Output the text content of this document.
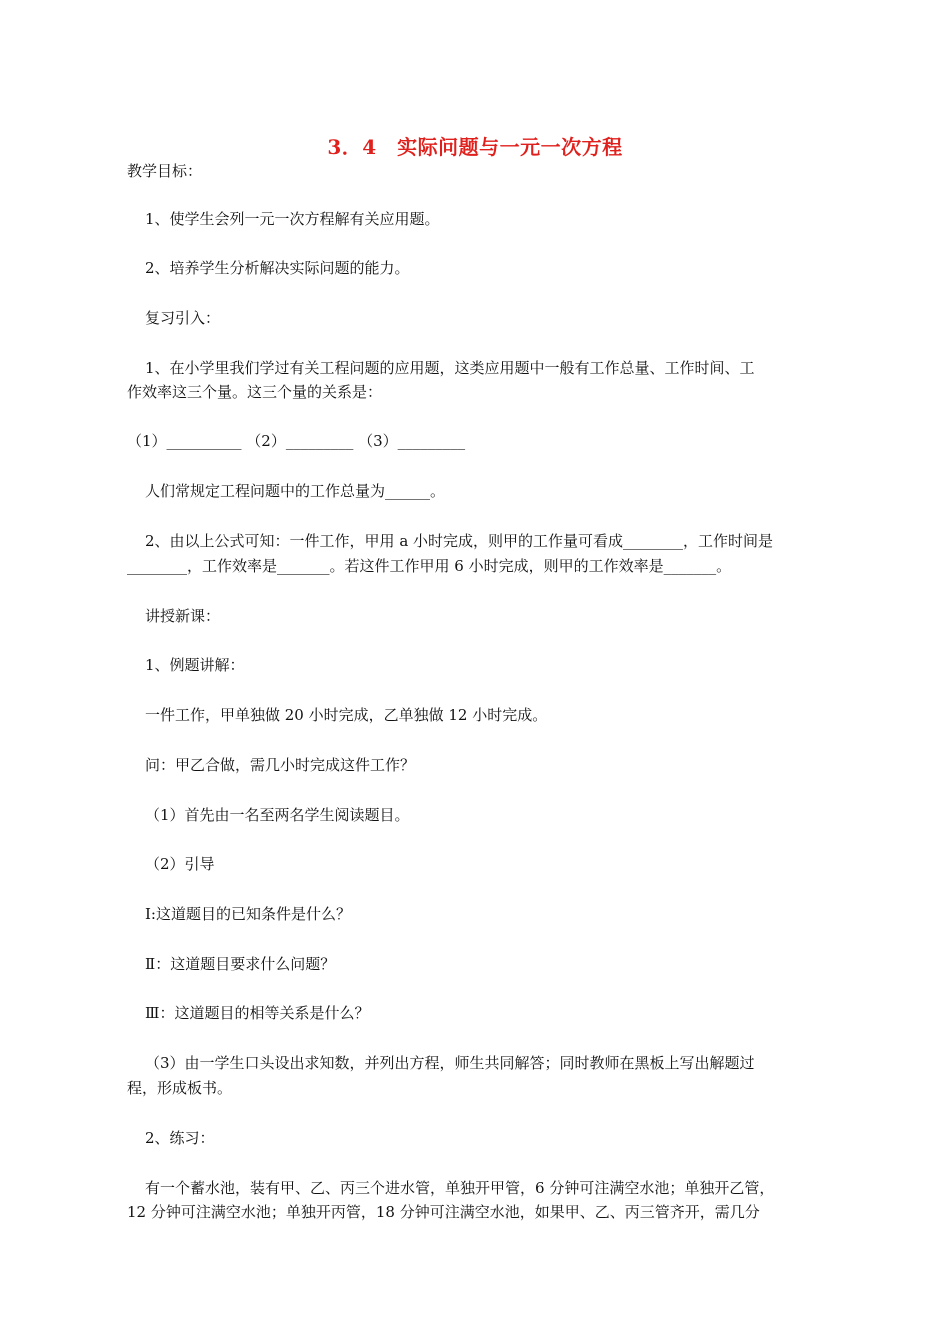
3．4　实际问题与一元一次方程
教学目标：
1、使学生会列一元一次方程解有关应用题。
2、培养学生分析解决实际问题的能力。
复习引入：
1、在小学里我们学过有关工程问题的应用题，这类应用题中一般有工作总量、工作时间、工
作效率这三个量。这三个量的关系是：
（1）__________ （2）_________ （3）_________
人们常规定工程问题中的工作总量为______。
2、由以上公式可知：一件工作，甲用 a 小时完成，则甲的工作量可看成________，工作时间是
________，工作效率是_______。若这件工作甲用 6 小时完成，则甲的工作效率是_______。
讲授新课：
1、例题讲解：
一件工作，甲单独做 20 小时完成，乙单独做 12 小时完成。
问：甲乙合做，需几小时完成这件工作？
（1）首先由一名至两名学生阅读题目。
（2）引导
I:这道题目的已知条件是什么？
Ⅱ：这道题目要求什么问题？
Ⅲ：这道题目的相等关系是什么？
（3）由一学生口头设出求知数，并列出方程，师生共同解答；同时教师在黑板上写出解题过
程，形成板书。
2、练习：
有一个蓄水池，装有甲、乙、丙三个进水管，单独开甲管，6 分钟可注满空水池；单独开乙管，
12 分钟可注满空水池；单独开丙管，18 分钟可注满空水池，如果甲、乙、丙三管齐开，需几分
